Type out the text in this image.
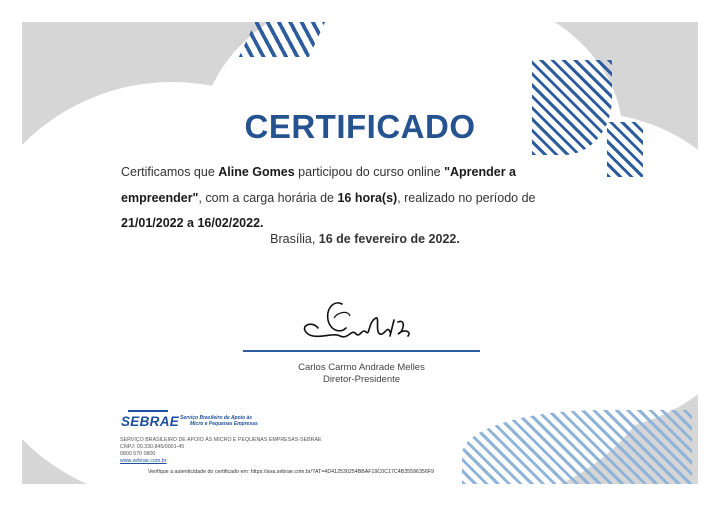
CERTIFICADO
Certificamos que Aline Gomes participou do curso online "Aprender a empreender", com a carga horária de 16 hora(s), realizado no período de 21/01/2022 a 16/02/2022.
Brasília, 16 de fevereiro de 2022.
Carlos Carmo Andrade Melles
Diretor-Presidente
SEBRAE Serviço Brasileiro de Apoio às
Micro e Pequenas Empresas
SERVIÇO BRASILEIRO DE APOIO ÀS MICRO E PEQUENAS EMPRESAS-SEBRAE
CNPJ: 00.330.845/0001-45
0800 570 0800
www.sebrae.com.br
Verifique a autenticidade do certificado em: https://ava.sebrae.com.br/?AT=4D412530254BBAF19C0C17C4B35596356F9
